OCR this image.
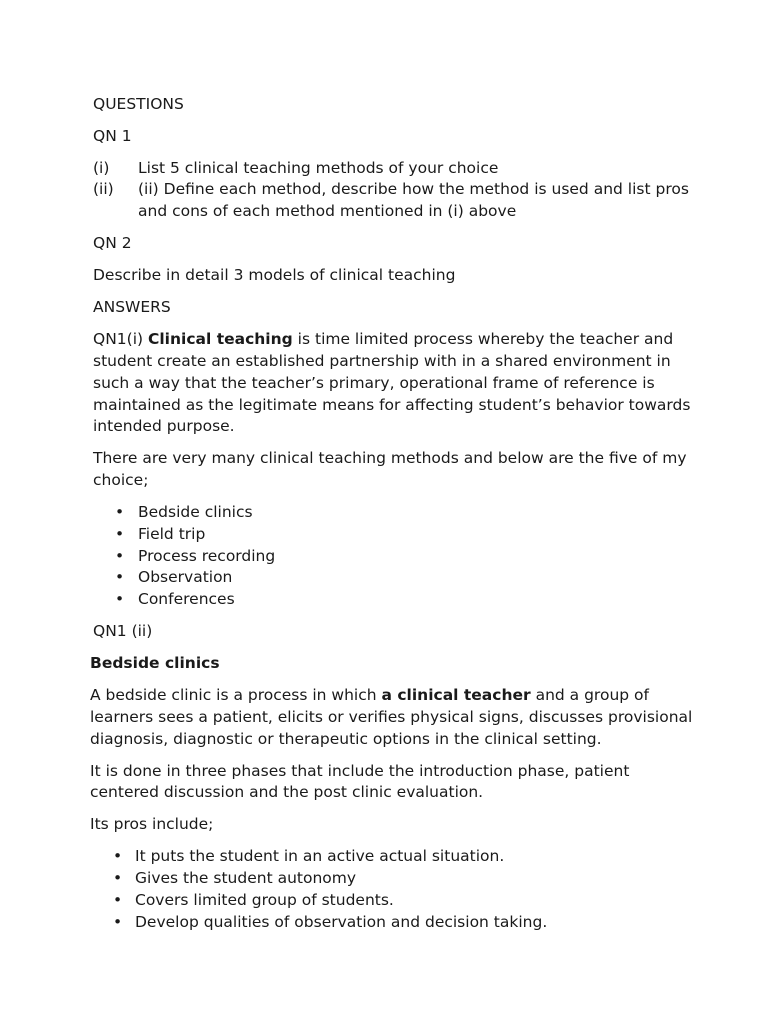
QUESTIONS
QN 1
(i) List 5 clinical teaching methods of your choice
(ii) (ii) Define each method, describe how the method is used and list pros
and cons of each method mentioned in (i) above
QN 2
Describe in detail 3 models of clinical teaching
ANSWERS
QN1(i) Clinical teaching is time limited process whereby the teacher and
student create an established partnership with in a shared environment in
such a way that the teacher’s primary, operational frame of reference is
maintained as the legitimate means for affecting student’s behavior towards
intended purpose.
There are very many clinical teaching methods and below are the five of my
choice;
• Bedside clinics
• Field trip
• Process recording
• Observation
• Conferences
QN1 (ii)
Bedside clinics
A bedside clinic is a process in which a clinical teacher and a group of
learners sees a patient, elicits or verifies physical signs, discusses provisional
diagnosis, diagnostic or therapeutic options in the clinical setting.
It is done in three phases that include the introduction phase, patient
centered discussion and the post clinic evaluation.
Its pros include;
• It puts the student in an active actual situation.
• Gives the student autonomy
• Covers limited group of students.
• Develop qualities of observation and decision taking.
